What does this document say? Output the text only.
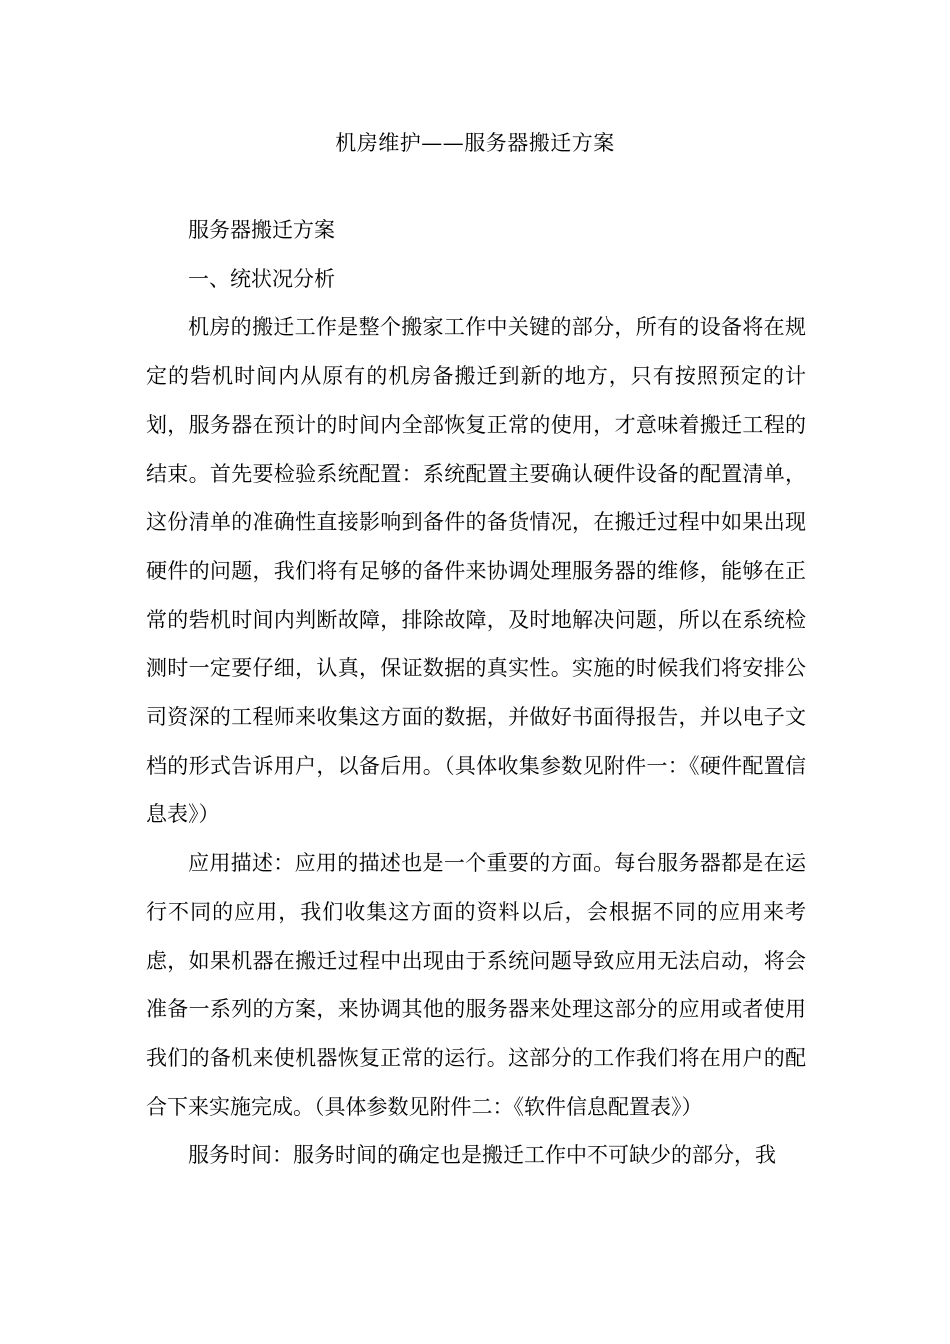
机房维护——服务器搬迁方案

服务器搬迁方案

一、统状况分析

机房的搬迁工作是整个搬家工作中关键的部分，所有的设备将在规定的砦机时间内从原有的机房备搬迁到新的地方，只有按照预定的计划，服务器在预计的时间内全部恢复正常的使用，才意味着搬迁工程的结束。首先要检验系统配置：系统配置主要确认硬件设备的配置清单，这份清单的准确性直接影响到备件的备货情况，在搬迁过程中如果出现硬件的问题，我们将有足够的备件来协调处理服务器的维修，能够在正常的砦机时间内判断故障，排除故障，及时地解决问题，所以在系统检测时一定要仔细，认真，保证数据的真实性。实施的时候我们将安排公司资深的工程师来收集这方面的数据，并做好书面得报告，并以电子文档的形式告诉用户，以备后用。（具体收集参数见附件一：《硬件配置信息表》）

应用描述：应用的描述也是一个重要的方面。每台服务器都是在运行不同的应用，我们收集这方面的资料以后，会根据不同的应用来考虑，如果机器在搬迁过程中出现由于系统问题导致应用无法启动，将会准备一系列的方案，来协调其他的服务器来处理这部分的应用或者使用我们的备机来使机器恢复正常的运行。这部分的工作我们将在用户的配合下来实施完成。（具体参数见附件二：《软件信息配置表》）

服务时间：服务时间的确定也是搬迁工作中不可缺少的部分，我
